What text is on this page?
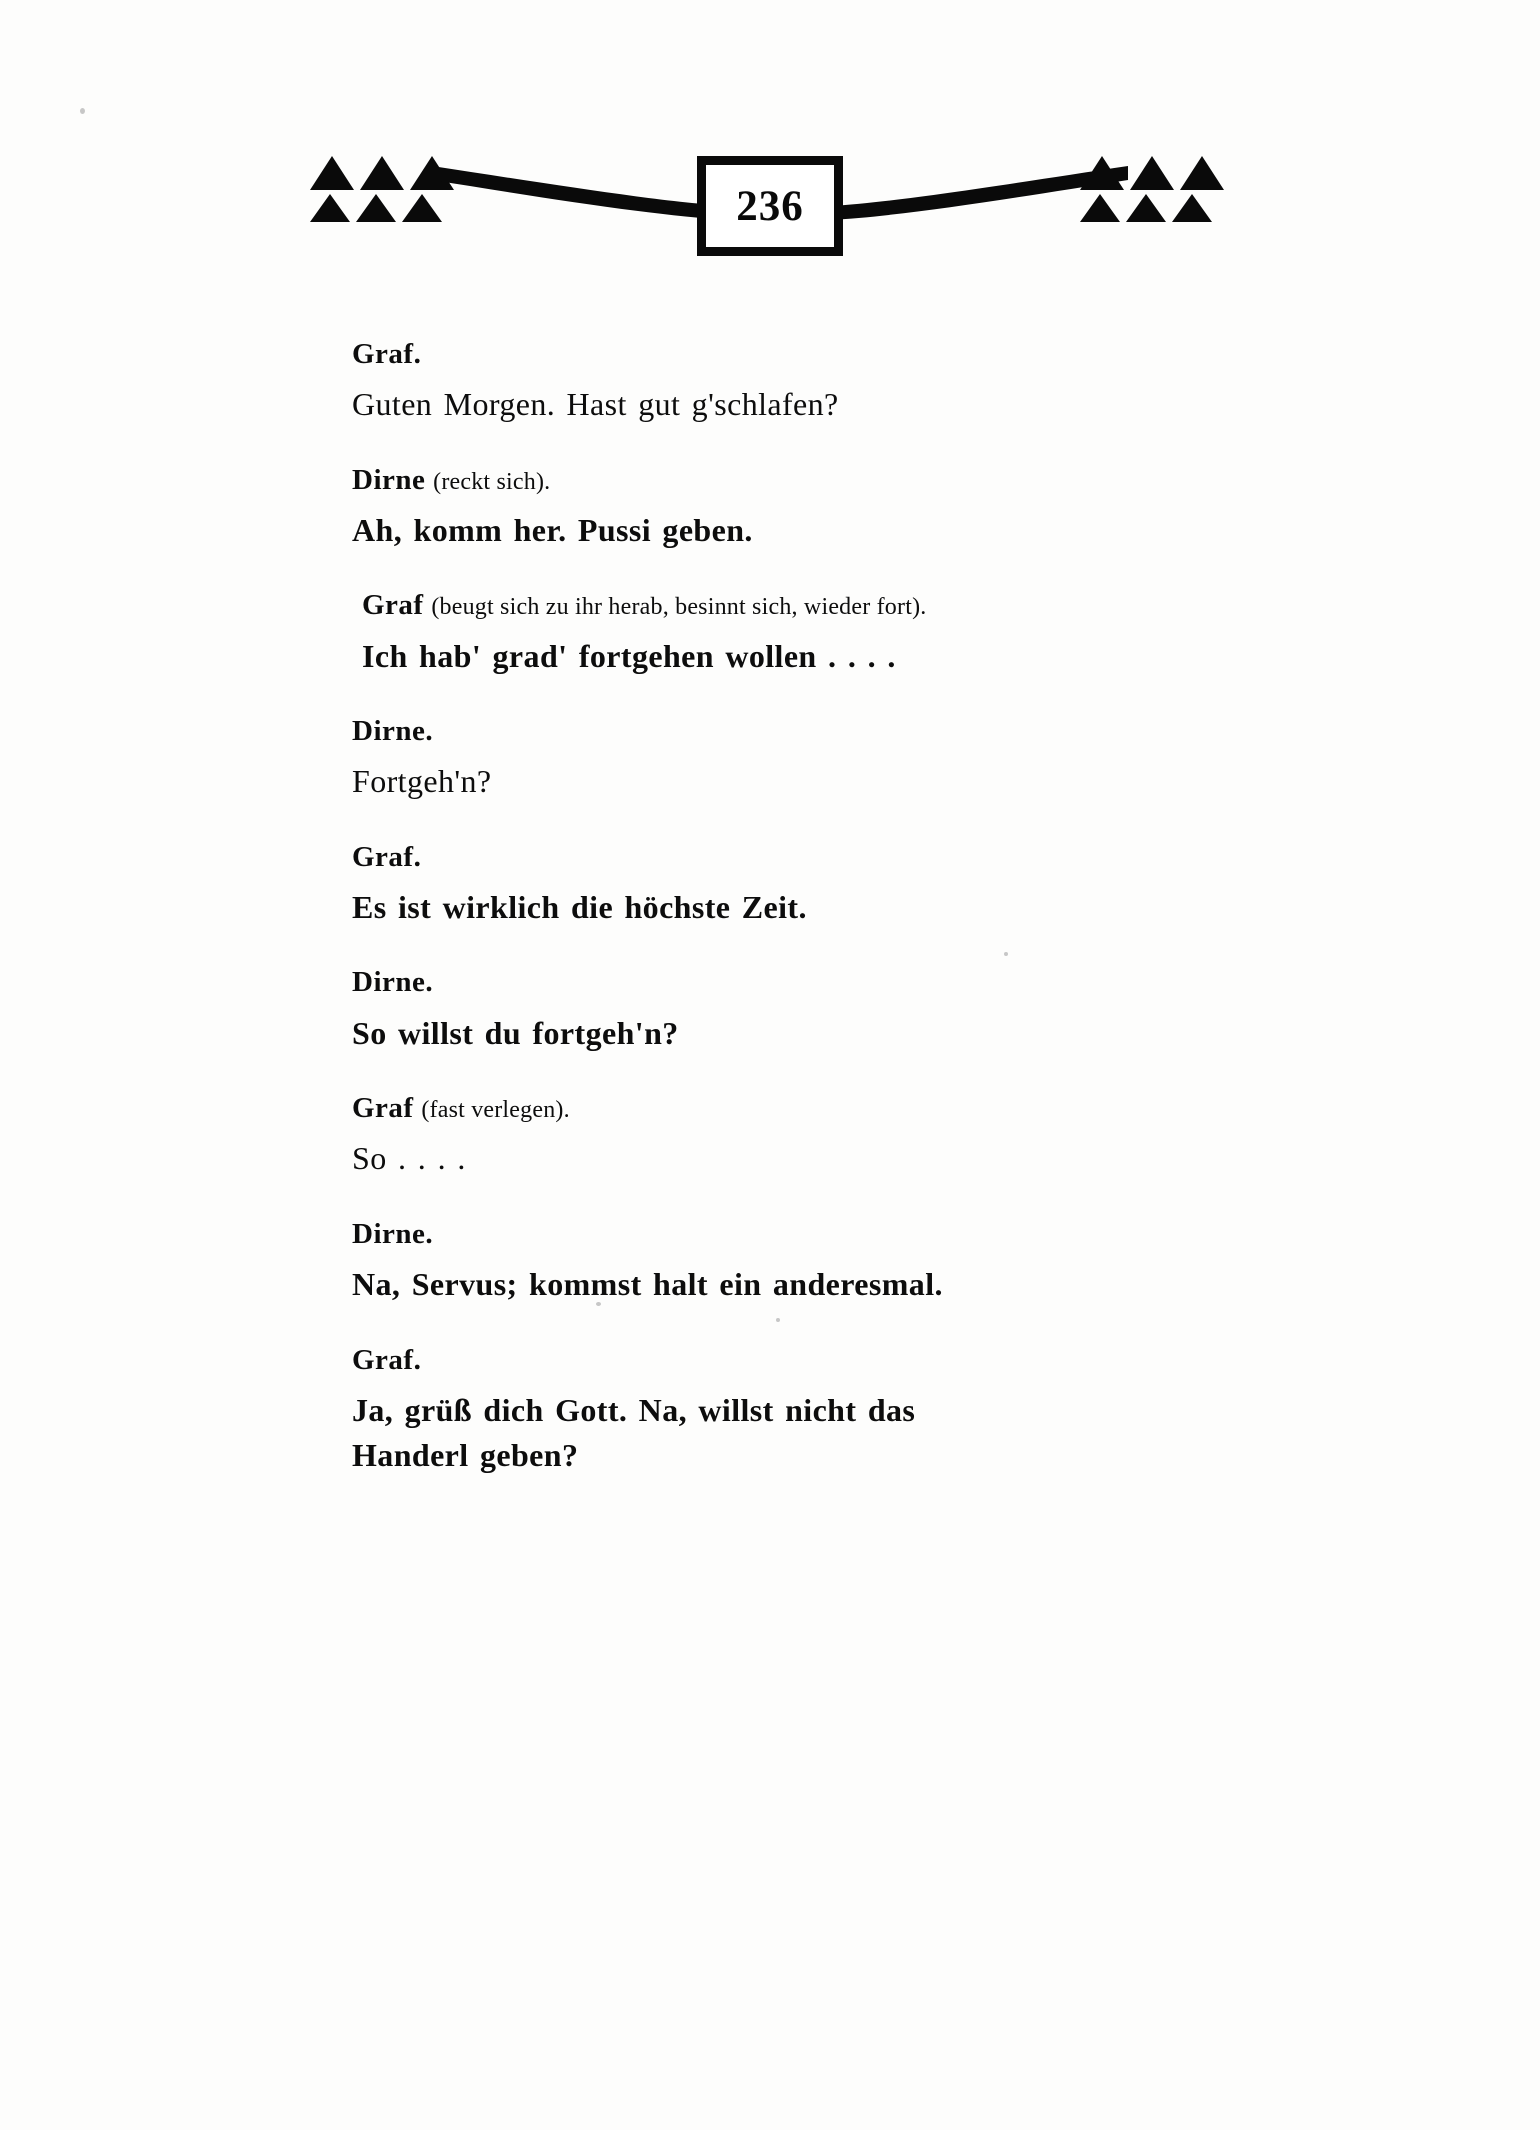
236
Graf.
Guten Morgen. Hast gut g'schlafen?
Dirne (reckt sich).
Ah, komm her. Pussi geben.
Graf (beugt sich zu ihr herab, besinnt sich, wieder fort).
Ich hab' grad' fortgehen wollen . . . .
Dirne.
Fortgeh'n?
Graf.
Es ist wirklich die höchste Zeit.
Dirne.
So willst du fortgeh'n?
Graf (fast verlegen).
So . . . .
Dirne.
Na, Servus; kommst halt ein anderesmal.
Graf.
Ja, grüß dich Gott. Na, willst nicht das
Handerl geben?
